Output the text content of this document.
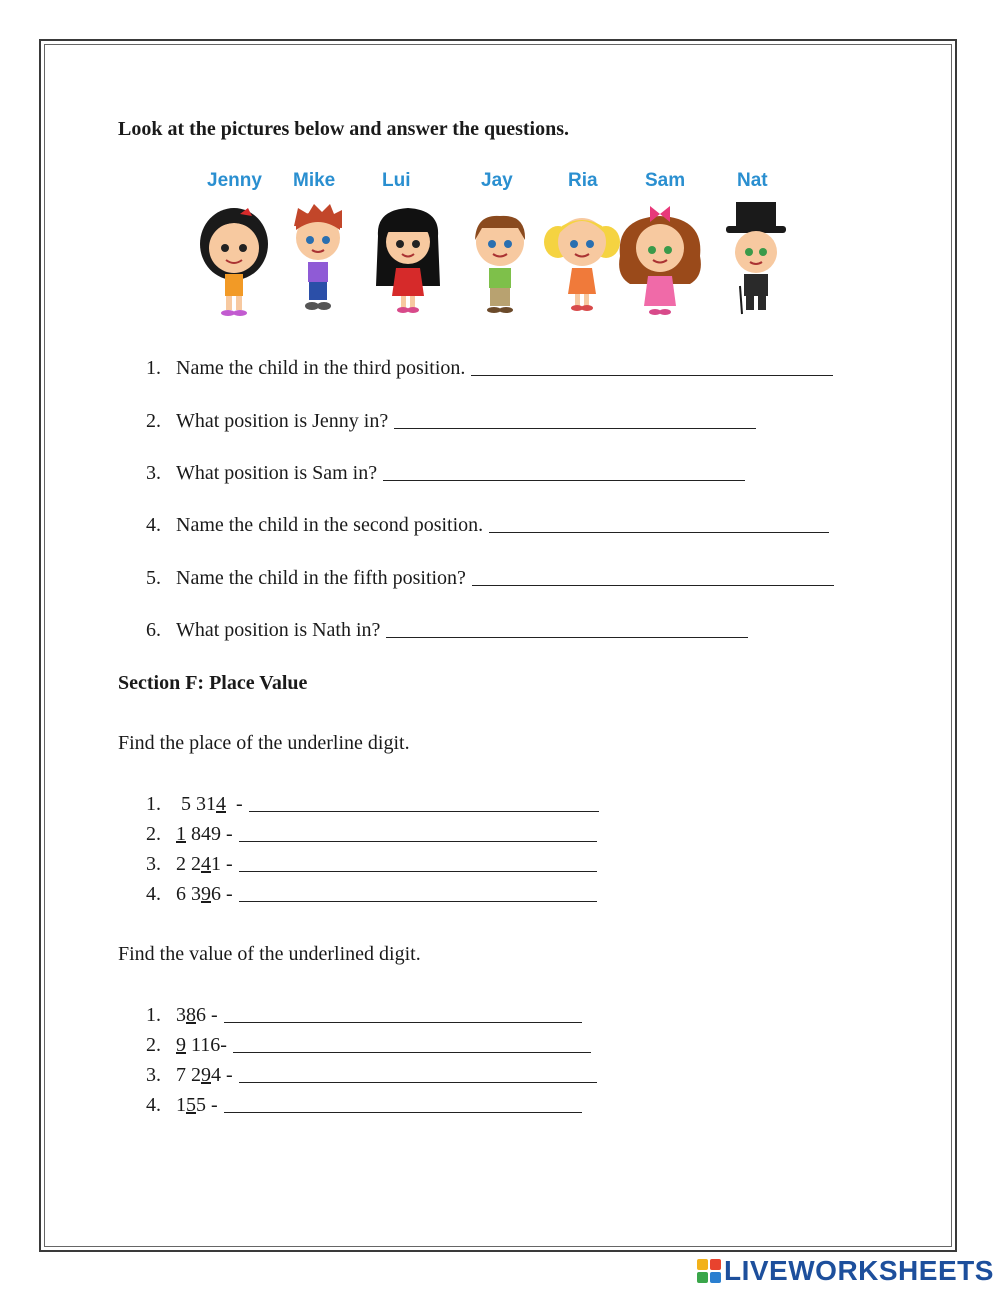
Look at the pictures below and answer the questions.
Jenny Mike Lui	Jay	Ria Sam	Nat
1. Name the child in the third position.
2. What position is Jenny in?
3. What position is Sam in?
4. Name the child in the second position.
5. Name the child in the fifth position?
6. What position is Nath in?
Section F: Place Value
Find the place of the underline digit.
1. 5 314  -
2. 1 849 -
3. 2 241 -
4. 6 396 -
Find the value of the underlined digit.
1. 386 -
2. 9 116-
3. 7 294 -
4. 155 -
LIVEWORKSHEETS
